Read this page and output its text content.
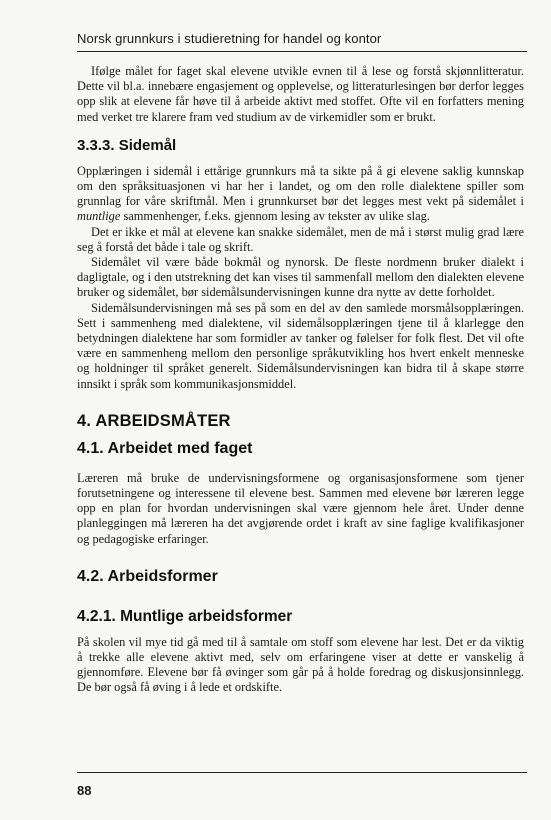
Norsk grunnkurs i studieretning for handel og kontor

Ifølge målet for faget skal elevene utvikle evnen til å lese og forstå skjønnlitteratur. Dette vil bl.a. innebære engasjement og opplevelse, og litteraturlesingen bør derfor legges opp slik at elevene får høve til å arbeide aktivt med stoffet. Ofte vil en forfatters mening med verket tre klarere fram ved studium av de virkemidler som er brukt.

3.3.3. Sidemål

Opplæringen i sidemål i ettårige grunnkurs må ta sikte på å gi elevene saklig kunnskap om den språksituasjonen vi har her i landet, og om den rolle dialektene spiller som grunnlag for våre skriftmål. Men i grunnkurset bør det legges mest vekt på sidemålet i muntlige sammenhenger, f.eks. gjennom lesing av tekster av ulike slag.

Det er ikke et mål at elevene kan snakke sidemålet, men de må i størst mulig grad lære seg å forstå det både i tale og skrift.

Sidemålet vil være både bokmål og nynorsk. De fleste nordmenn bruker dialekt i dagligtale, og i den utstrekning det kan vises til sammenfall mellom den dialekten elevene bruker og sidemålet, bør sidemålsundervisningen kunne dra nytte av dette forholdet.

Sidemålsundervisningen må ses på som en del av den samlede morsmålsopplæringen. Sett i sammenheng med dialektene, vil sidemålsopplæringen tjene til å klarlegge den betydningen dialektene har som formidler av tanker og følelser for folk flest. Det vil ofte være en sammenheng mellom den personlige språkutvikling hos hvert enkelt menneske og holdninger til språket generelt. Sidemålsundervisningen kan bidra til å skape større innsikt i språk som kommunikasjonsmiddel.

4. ARBEIDSMÅTER
4.1. Arbeidet med faget

Læreren må bruke de undervisningsformene og organisasjonsformene som tjener forutsetningene og interessene til elevene best. Sammen med elevene bør læreren legge opp en plan for hvordan undervisningen skal være gjennom hele året. Under denne planleggingen må læreren ha det avgjørende ordet i kraft av sine faglige kvalifikasjoner og pedagogiske erfaringer.

4.2. Arbeidsformer
4.2.1. Muntlige arbeidsformer

På skolen vil mye tid gå med til å samtale om stoff som elevene har lest. Det er da viktig å trekke alle elevene aktivt med, selv om erfaringene viser at dette er vanskelig å gjennomføre. Elevene bør få øvinger som går på å holde foredrag og diskusjonsinnlegg. De bør også få øving i å lede et ordskifte.

88
